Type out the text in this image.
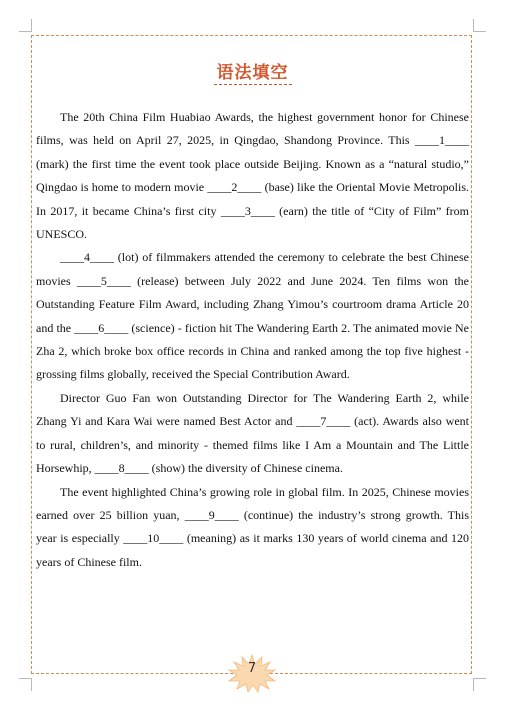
语法填空

The 20th China Film Huabiao Awards, the highest government honor for Chinese films, was held on April 27, 2025, in Qingdao, Shandong Province. This ____1____ (mark) the first time the event took place outside Beijing. Known as a “natural studio,” Qingdao is home to modern movie ____2____ (base) like the Oriental Movie Metropolis. In 2017, it became China’s first city ____3____ (earn) the title of “City of Film” from UNESCO.

____4____ (lot) of filmmakers attended the ceremony to celebrate the best Chinese movies ____5____ (release) between July 2022 and June 2024. Ten films won the Outstanding Feature Film Award, including Zhang Yimou’s courtroom drama Article 20 and the ____6____ (science) - fiction hit The Wandering Earth 2. The animated movie Ne Zha 2, which broke box office records in China and ranked among the top five highest - grossing films globally, received the Special Contribution Award.

Director Guo Fan won Outstanding Director for The Wandering Earth 2, while Zhang Yi and Kara Wai were named Best Actor and ____7____ (act). Awards also went to rural, children’s, and minority - themed films like I Am a Mountain and The Little Horsewhip, ____8____ (show) the diversity of Chinese cinema.

The event highlighted China’s growing role in global film. In 2025, Chinese movies earned over 25 billion yuan, ____9____ (continue) the industry’s strong growth. This year is especially ____10____ (meaning) as it marks 130 years of world cinema and 120 years of Chinese film.

7
